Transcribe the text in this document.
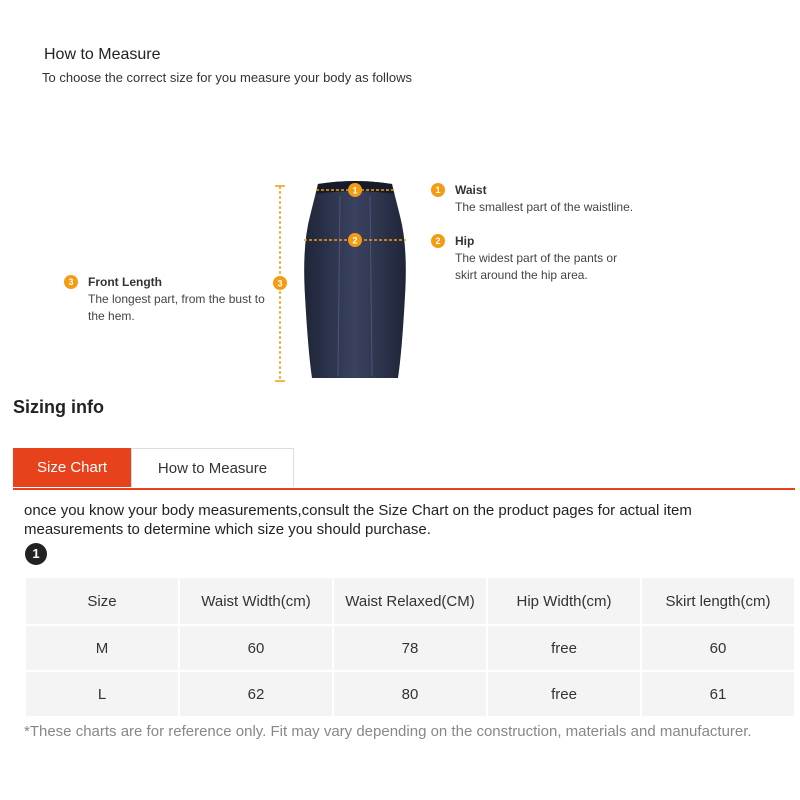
How to Measure
To choose the correct size for you measure your body as follows
1
2
3
1	Waist
The smallest part of the waistline.
2	Hip
The widest part of the pants or
skirt around the hip area.
3	Front Length
The longest part, from the bust to
the hem.
Sizing info
Size Chart	How to Measure
once you know your body measurements,consult the Size Chart on the product pages for actual item measurements to determine which size you should purchase.
1
Size	Waist Width(cm)	Waist Relaxed(CM)	Hip Width(cm)	Skirt length(cm)
M	60	78	free	60
L	62	80	free	61
*These charts are for reference only. Fit may vary depending on the construction, materials and manufacturer.
